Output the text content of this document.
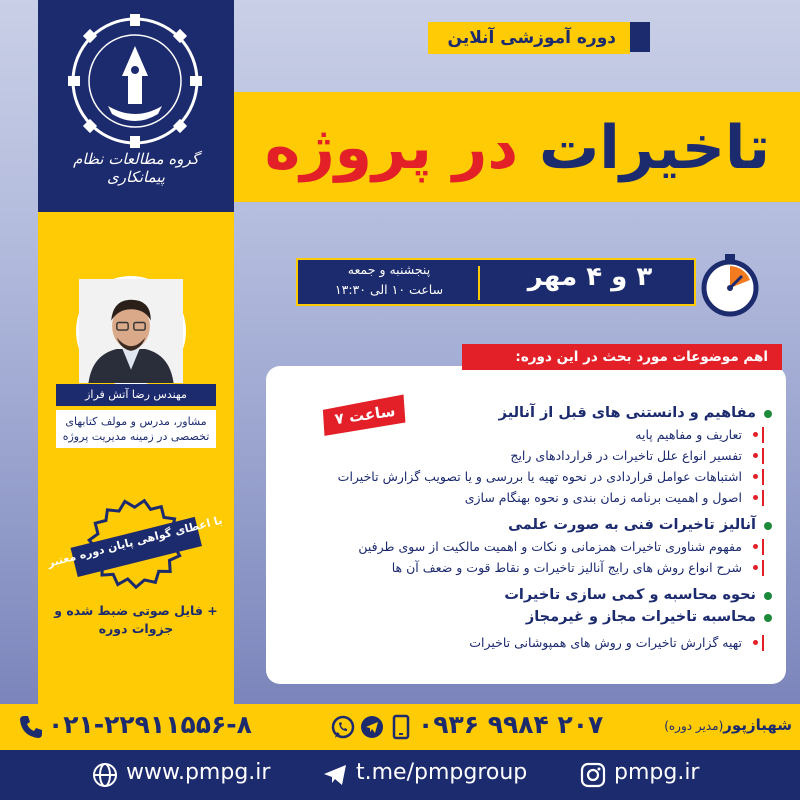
گروه مطالعات نظام پیمانکاری
دوره آموزشی آنلاین
تاخیرات در پروژه
۳ و ۴ مهر
پنجشنبه و جمعه
ساعت ۱۰ الی ۱۳:۳۰
مهندس رضا آتش فراز
مشاور، مدرس و مولف کتابهای تخصصی در زمینه مدیریت پروژه
با اعطای گواهی پایان دوره معتبر
+ فایل صوتی ضبط شده و جزوات دوره
اهم موضوعات مورد بحث در این دوره:
۷ ساعت	مفاهیم و دانستنی های قبل از آنالیز
تعاریف و مفاهیم پایه
تفسیر انواع علل تاخیرات در قراردادهای رایج
اشتباهات عوامل قراردادی در نحوه تهیه یا بررسی و یا تصویب گزارش تاخیرات
اصول و اهمیت برنامه زمان بندی و نحوه بهنگام سازی
آنالیز تاخیرات فنی به صورت علمی
مفهوم شناوری تاخیرات همزمانی و نکات و اهمیت مالکیت از سوی طرفین
شرح انواع روش های رایج آنالیز تاخیرات و نقاط قوت و ضعف آن ها
نحوه محاسبه و کمی سازی تاخیرات
محاسبه تاخیرات مجاز و غیرمجاز
تهیه گزارش تاخیرات و روش های همپوشانی تاخیرات
۰۲۱-۲۲۹۱۱۵۵۶-۸	۰۹۳۶ ۹۹۸۴ ۲۰۷	شهبازپور(مدیر دوره)
www.pmpg.ir	t.me/pmpgroup	pmpg.ir
